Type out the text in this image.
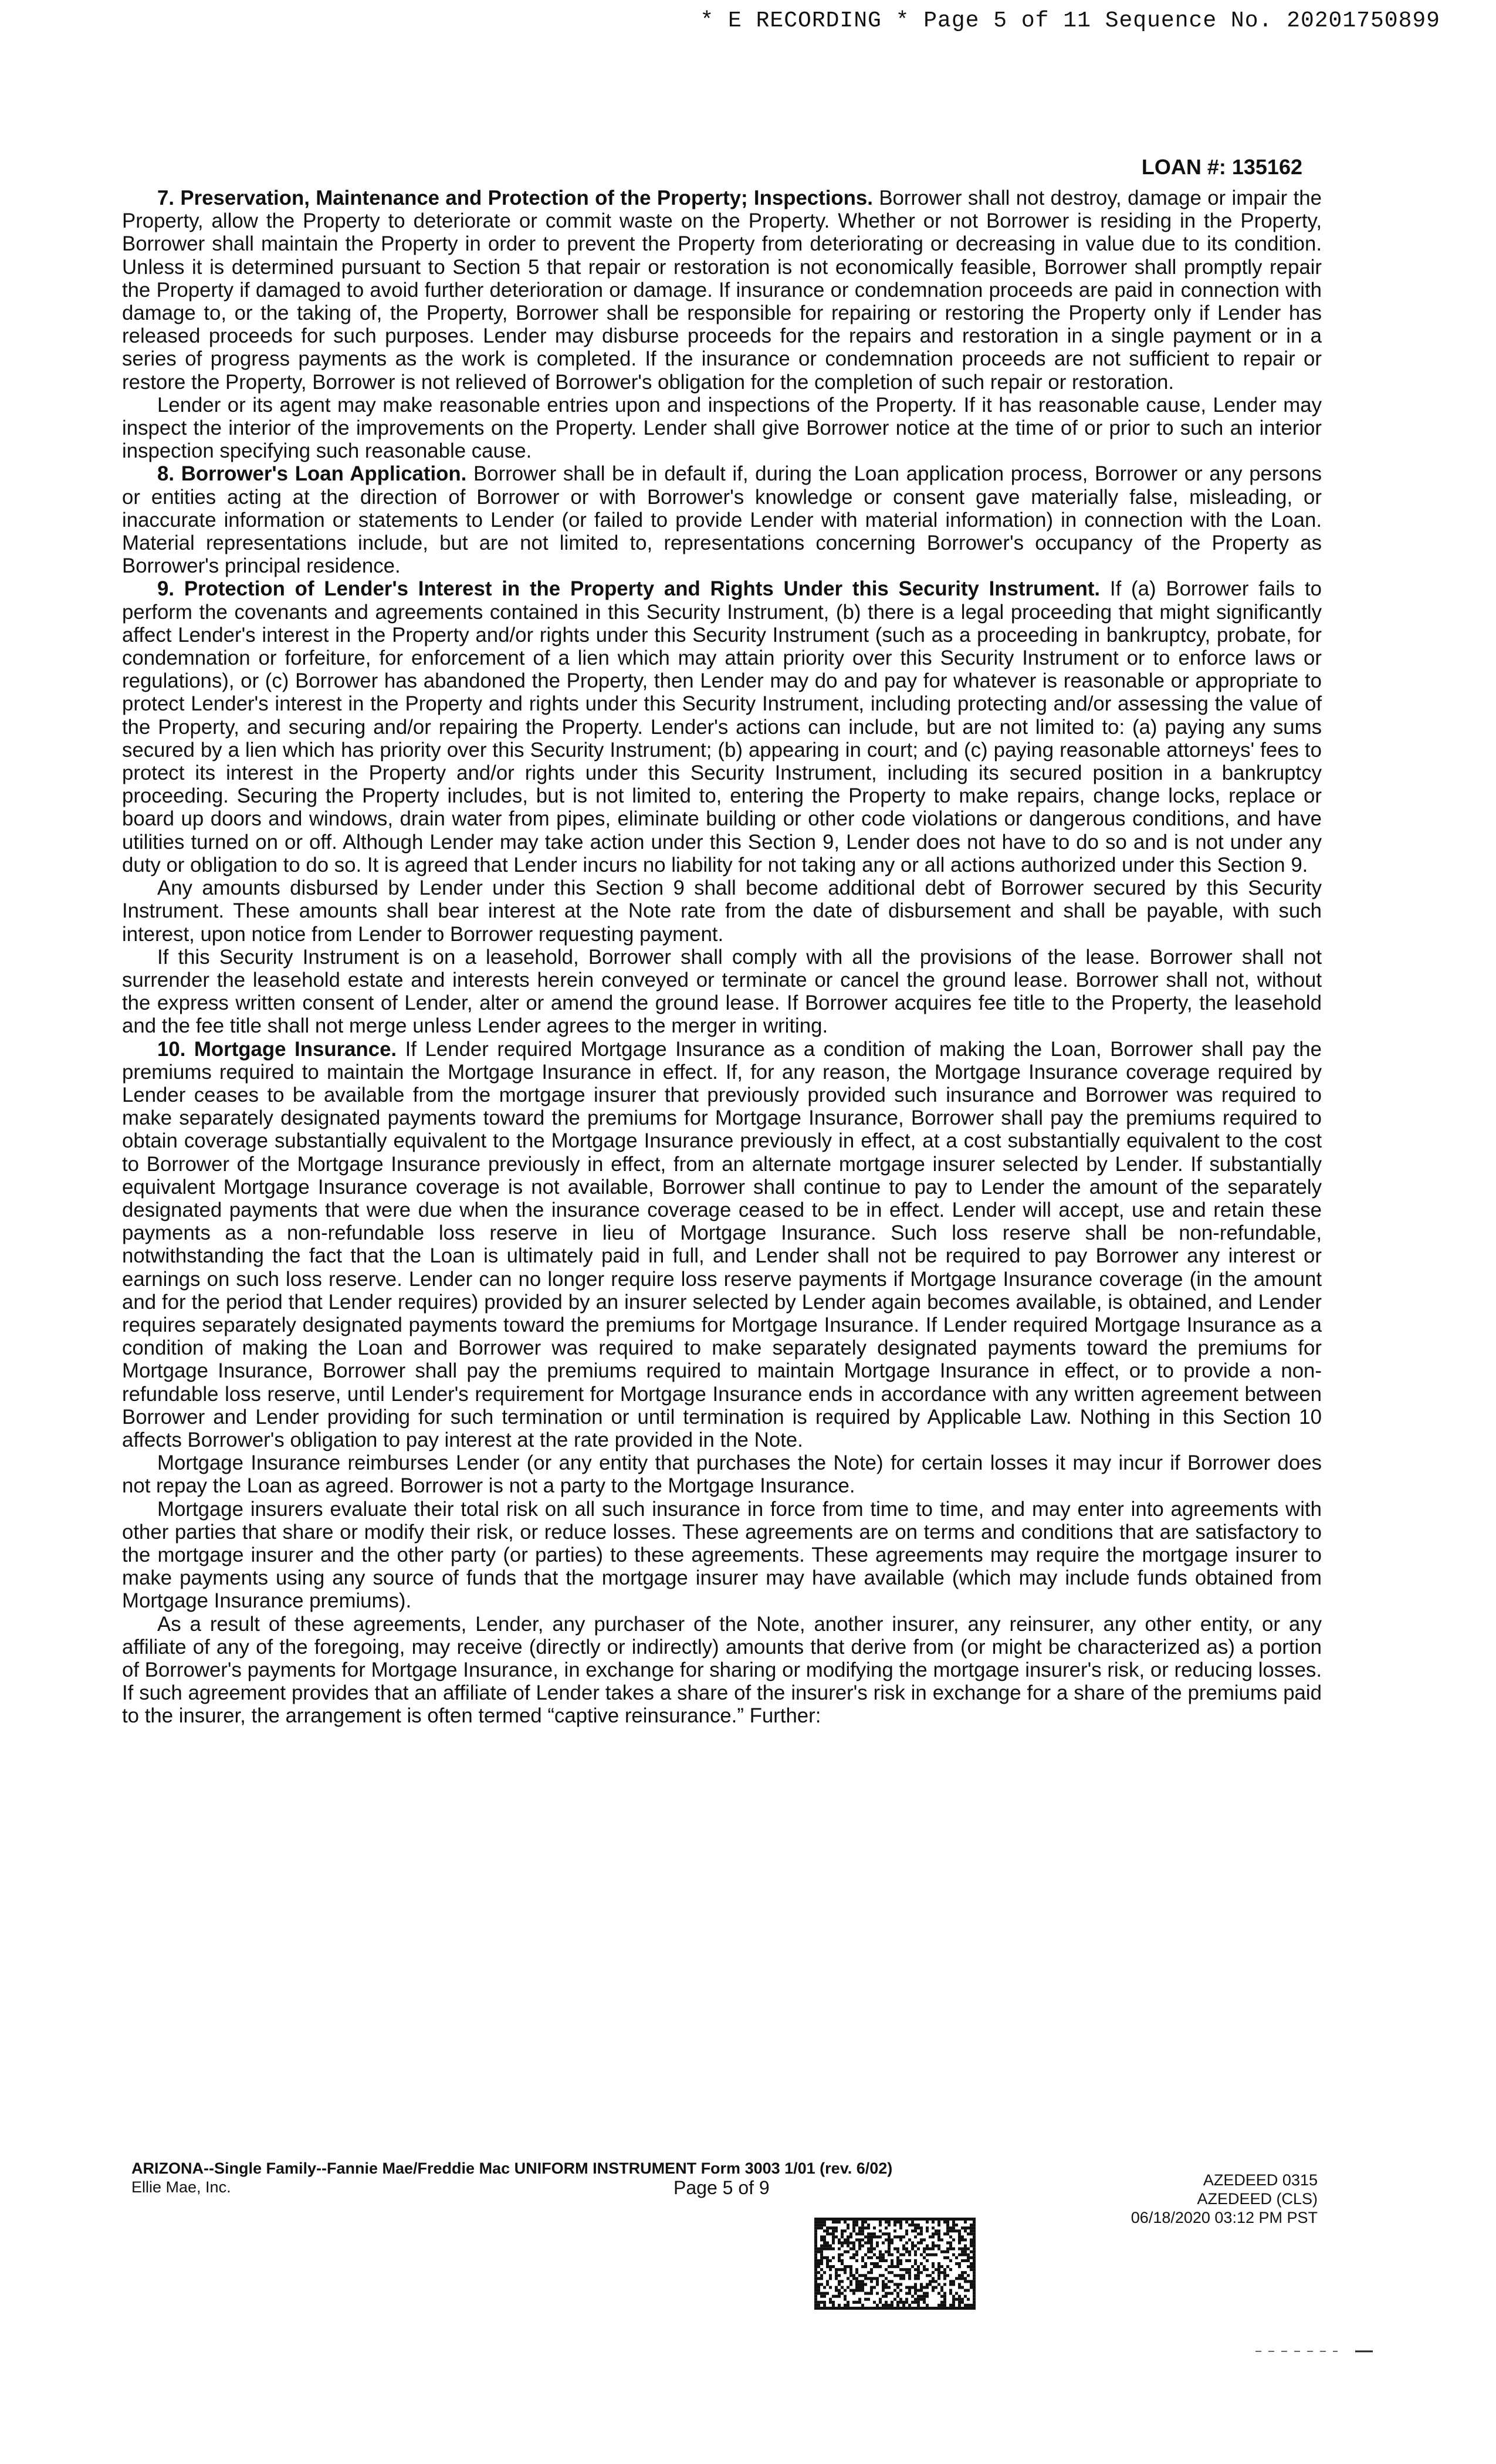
* E RECORDING * Page 5 of 11 Sequence No. 20201750899
LOAN #: 135162

7. Preservation, Maintenance and Protection of the Property; Inspections. Borrower shall not destroy, damage or impair the Property, allow the Property to deteriorate or commit waste on the Property. Whether or not Borrower is residing in the Property, Borrower shall maintain the Property in order to prevent the Property from deteriorating or decreasing in value due to its condition. Unless it is determined pursuant to Section 5 that repair or restoration is not economically feasible, Borrower shall promptly repair the Property if damaged to avoid further deterioration or damage. If insurance or condemnation proceeds are paid in connection with damage to, or the taking of, the Property, Borrower shall be responsible for repairing or restoring the Property only if Lender has released proceeds for such purposes. Lender may disburse proceeds for the repairs and restoration in a single payment or in a series of progress payments as the work is completed. If the insurance or condemnation proceeds are not sufficient to repair or restore the Property, Borrower is not relieved of Borrower's obligation for the completion of such repair or restoration.

Lender or its agent may make reasonable entries upon and inspections of the Property. If it has reasonable cause, Lender may inspect the interior of the improvements on the Property. Lender shall give Borrower notice at the time of or prior to such an interior inspection specifying such reasonable cause.

8. Borrower's Loan Application. Borrower shall be in default if, during the Loan application process, Borrower or any persons or entities acting at the direction of Borrower or with Borrower's knowledge or consent gave materially false, misleading, or inaccurate information or statements to Lender (or failed to provide Lender with material information) in connection with the Loan. Material representations include, but are not limited to, representations concerning Borrower's occupancy of the Property as Borrower's principal residence.

9. Protection of Lender's Interest in the Property and Rights Under this Security Instrument. If (a) Borrower fails to perform the covenants and agreements contained in this Security Instrument, (b) there is a legal proceeding that might significantly affect Lender's interest in the Property and/or rights under this Security Instrument (such as a proceeding in bankruptcy, probate, for condemnation or forfeiture, for enforcement of a lien which may attain priority over this Security Instrument or to enforce laws or regulations), or (c) Borrower has abandoned the Property, then Lender may do and pay for whatever is reasonable or appropriate to protect Lender's interest in the Property and rights under this Security Instrument, including protecting and/or assessing the value of the Property, and securing and/or repairing the Property. Lender's actions can include, but are not limited to: (a) paying any sums secured by a lien which has priority over this Security Instrument; (b) appearing in court; and (c) paying reasonable attorneys' fees to protect its interest in the Property and/or rights under this Security Instrument, including its secured position in a bankruptcy proceeding. Securing the Property includes, but is not limited to, entering the Property to make repairs, change locks, replace or board up doors and windows, drain water from pipes, eliminate building or other code violations or dangerous conditions, and have utilities turned on or off. Although Lender may take action under this Section 9, Lender does not have to do so and is not under any duty or obligation to do so. It is agreed that Lender incurs no liability for not taking any or all actions authorized under this Section 9.

Any amounts disbursed by Lender under this Section 9 shall become additional debt of Borrower secured by this Security Instrument. These amounts shall bear interest at the Note rate from the date of disbursement and shall be payable, with such interest, upon notice from Lender to Borrower requesting payment.

If this Security Instrument is on a leasehold, Borrower shall comply with all the provisions of the lease. Borrower shall not surrender the leasehold estate and interests herein conveyed or terminate or cancel the ground lease. Borrower shall not, without the express written consent of Lender, alter or amend the ground lease. If Borrower acquires fee title to the Property, the leasehold and the fee title shall not merge unless Lender agrees to the merger in writing.

10. Mortgage Insurance. If Lender required Mortgage Insurance as a condition of making the Loan, Borrower shall pay the premiums required to maintain the Mortgage Insurance in effect. If, for any reason, the Mortgage Insurance coverage required by Lender ceases to be available from the mortgage insurer that previously provided such insurance and Borrower was required to make separately designated payments toward the premiums for Mortgage Insurance, Borrower shall pay the premiums required to obtain coverage substantially equivalent to the Mortgage Insurance previously in effect, at a cost substantially equivalent to the cost to Borrower of the Mortgage Insurance previously in effect, from an alternate mortgage insurer selected by Lender. If substantially equivalent Mortgage Insurance coverage is not available, Borrower shall continue to pay to Lender the amount of the separately designated payments that were due when the insurance coverage ceased to be in effect. Lender will accept, use and retain these payments as a non-refundable loss reserve in lieu of Mortgage Insurance. Such loss reserve shall be non-refundable, notwithstanding the fact that the Loan is ultimately paid in full, and Lender shall not be required to pay Borrower any interest or earnings on such loss reserve. Lender can no longer require loss reserve payments if Mortgage Insurance coverage (in the amount and for the period that Lender requires) provided by an insurer selected by Lender again becomes available, is obtained, and Lender requires separately designated payments toward the premiums for Mortgage Insurance. If Lender required Mortgage Insurance as a condition of making the Loan and Borrower was required to make separately designated payments toward the premiums for Mortgage Insurance, Borrower shall pay the premiums required to maintain Mortgage Insurance in effect, or to provide a non-refundable loss reserve, until Lender's requirement for Mortgage Insurance ends in accordance with any written agreement between Borrower and Lender providing for such termination or until termination is required by Applicable Law. Nothing in this Section 10 affects Borrower's obligation to pay interest at the rate provided in the Note.

Mortgage Insurance reimburses Lender (or any entity that purchases the Note) for certain losses it may incur if Borrower does not repay the Loan as agreed. Borrower is not a party to the Mortgage Insurance.

Mortgage insurers evaluate their total risk on all such insurance in force from time to time, and may enter into agreements with other parties that share or modify their risk, or reduce losses. These agreements are on terms and conditions that are satisfactory to the mortgage insurer and the other party (or parties) to these agreements. These agreements may require the mortgage insurer to make payments using any source of funds that the mortgage insurer may have available (which may include funds obtained from Mortgage Insurance premiums).

As a result of these agreements, Lender, any purchaser of the Note, another insurer, any reinsurer, any other entity, or any affiliate of any of the foregoing, may receive (directly or indirectly) amounts that derive from (or might be characterized as) a portion of Borrower's payments for Mortgage Insurance, in exchange for sharing or modifying the mortgage insurer's risk, or reducing losses. If such agreement provides that an affiliate of Lender takes a share of the insurer's risk in exchange for a share of the premiums paid to the insurer, the arrangement is often termed “captive reinsurance.” Further:

ARIZONA--Single Family--Fannie Mae/Freddie Mac UNIFORM INSTRUMENT Form 3003 1/01 (rev. 6/02)
Ellie Mae, Inc.	Page 5 of 9	AZEDEED 0315
AZEDEED (CLS)
06/18/2020 03:12 PM PST
